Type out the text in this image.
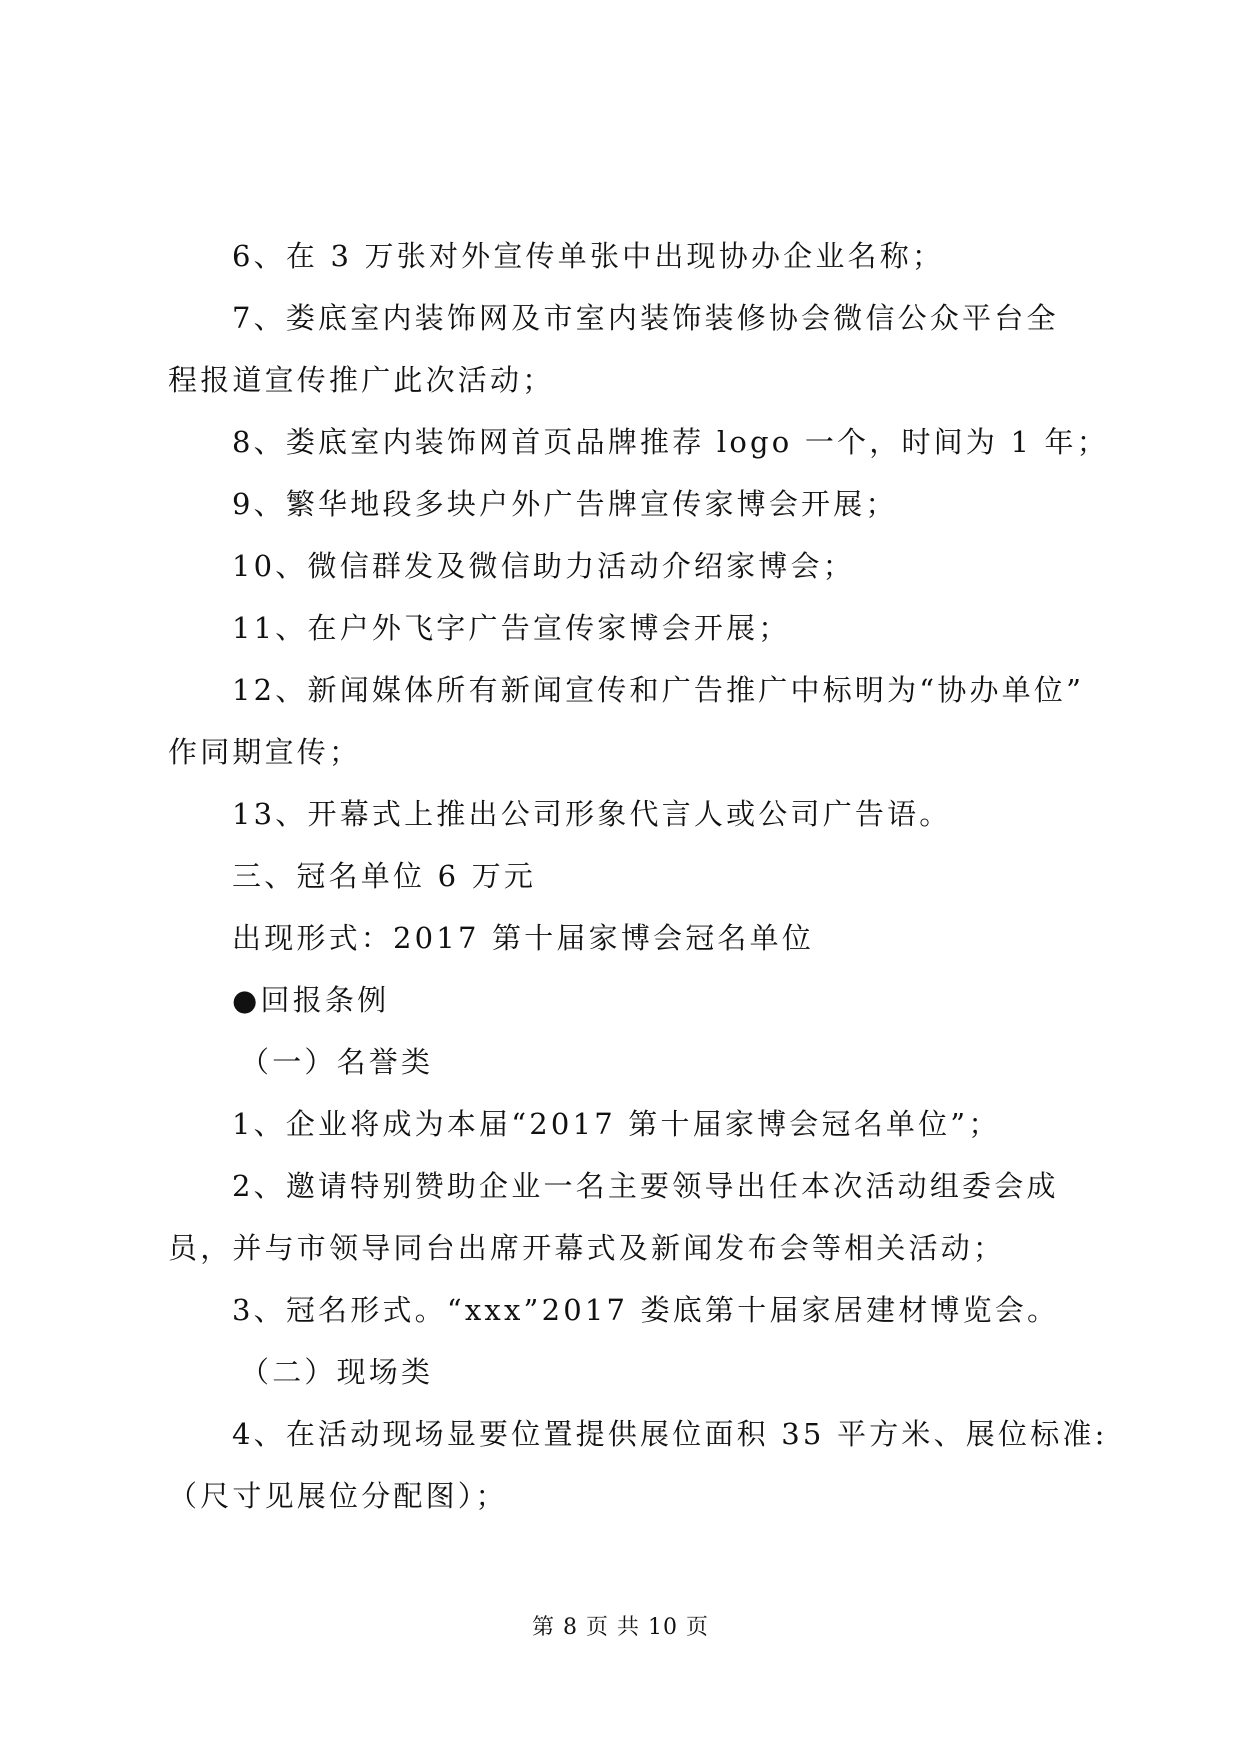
6、在 3 万张对外宣传单张中出现协办企业名称；
7、娄底室内装饰网及市室内装饰装修协会微信公众平台全
程报道宣传推广此次活动；
8、娄底室内装饰网首页品牌推荐 logo 一个，时间为 1 年；
9、繁华地段多块户外广告牌宣传家博会开展；
10、微信群发及微信助力活动介绍家博会；
11、在户外飞字广告宣传家博会开展；
12、新闻媒体所有新闻宣传和广告推广中标明为“协办单位”
作同期宣传；
13、开幕式上推出公司形象代言人或公司广告语。
三、冠名单位 6 万元
出现形式：2017 第十届家博会冠名单位
●回报条例
（一）名誉类
1、企业将成为本届“2017 第十届家博会冠名单位”；
2、邀请特别赞助企业一名主要领导出任本次活动组委会成
员，并与市领导同台出席开幕式及新闻发布会等相关活动；
3、冠名形式。“xxx”2017 娄底第十届家居建材博览会。
（二）现场类
4、在活动现场显要位置提供展位面积 35 平方米、展位标准:
（尺寸见展位分配图）；
第 8 页 共 10 页
